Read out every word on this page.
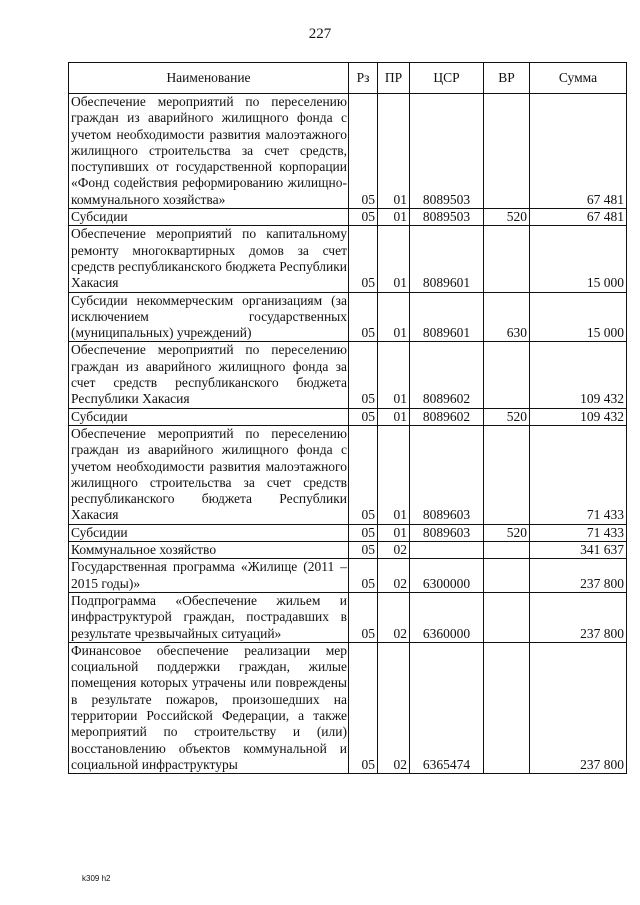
227
Наименование	Рз	ПР	ЦСР	ВР	Сумма
Обеспечение мероприятий по переселению граждан из аварийного жилищного фонда с учетом необходимости развития малоэтажного жилищного строительства за счет средств, поступивших от государственной корпорации «Фонд содействия реформированию жилищно-коммунального хозяйства»	05	01	8089503		67 481
Субсидии	05	01	8089503	520	67 481
Обеспечение мероприятий по капитальному ремонту многоквартирных домов за счет средств республиканского бюджета Республики Хакасия	05	01	8089601		15 000
Субсидии некоммерческим организациям (за исключением государственных (муниципальных) учреждений)	05	01	8089601	630	15 000
Обеспечение мероприятий по переселению граждан из аварийного жилищного фонда за счет средств республиканского бюджета Республики Хакасия	05	01	8089602		109 432
Субсидии	05	01	8089602	520	109 432
Обеспечение мероприятий по переселению граждан из аварийного жилищного фонда с учетом необходимости развития малоэтажного жилищного строительства за счет средств республиканского бюджета Республики Хакасия	05	01	8089603		71 433
Субсидии	05	01	8089603	520	71 433
Коммунальное хозяйство	05	02			341 637
Государственная программа «Жилище (2011 – 2015 годы)»	05	02	6300000		237 800
Подпрограмма «Обеспечение жильем и инфраструктурой граждан, пострадавших в результате чрезвычайных ситуаций»	05	02	6360000		237 800
Финансовое обеспечение реализации мер социальной поддержки граждан, жилые помещения которых утрачены или повреждены в результате пожаров, произошедших на территории Российской Федерации, а также мероприятий по строительству и (или) восстановлению объектов коммунальной и социальной инфраструктуры	05	02	6365474		237 800
k309 h2
